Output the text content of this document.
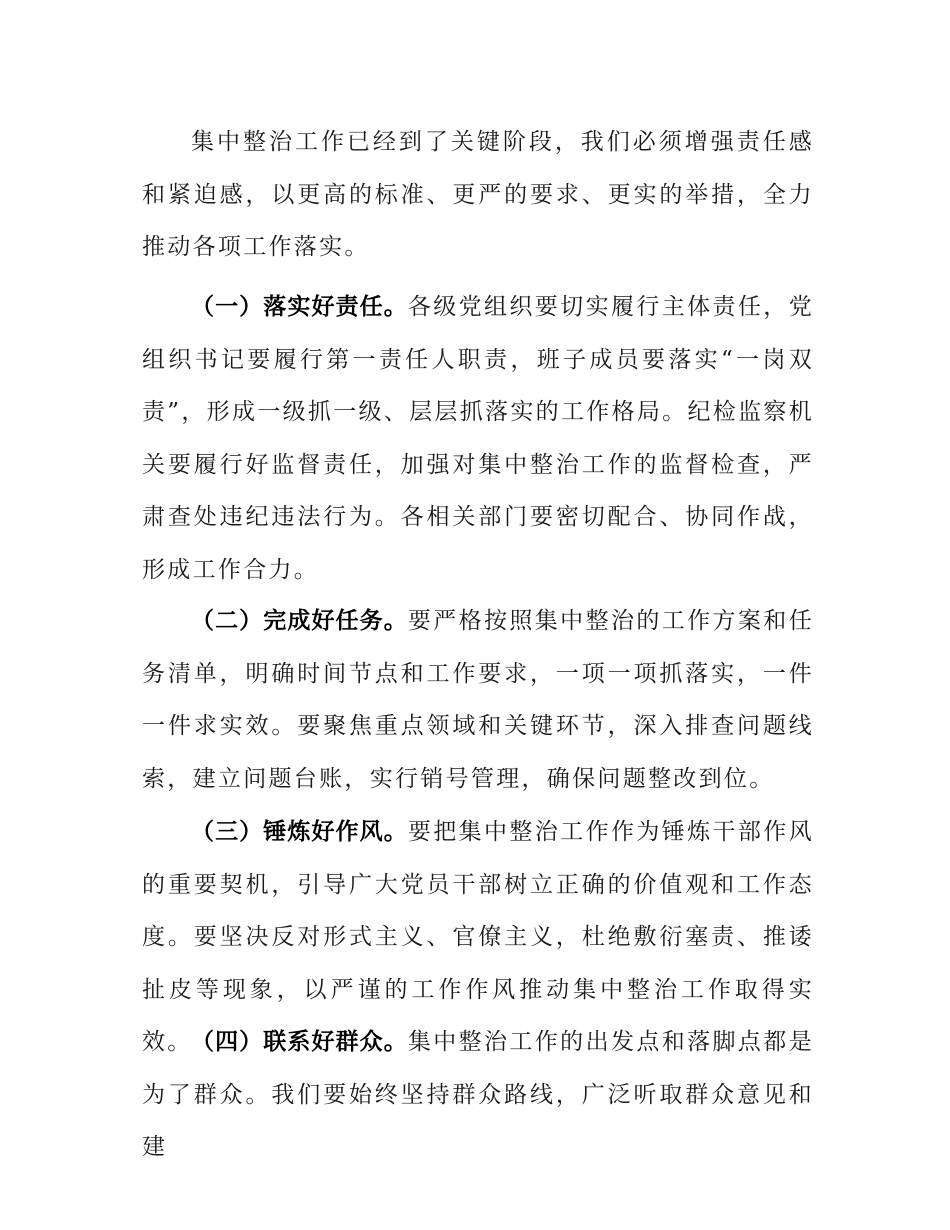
集中整治工作已经到了关键阶段，我们必须增强责任感和紧迫感，以更高的标准、更严的要求、更实的举措，全力推动各项工作落实。

（一）落实好责任。各级党组织要切实履行主体责任，党组织书记要履行第一责任人职责，班子成员要落实“一岗双责”，形成一级抓一级、层层抓落实的工作格局。纪检监察机关要履行好监督责任，加强对集中整治工作的监督检查，严肃查处违纪违法行为。各相关部门要密切配合、协同作战，形成工作合力。

（二）完成好任务。要严格按照集中整治的工作方案和任务清单，明确时间节点和工作要求，一项一项抓落实，一件一件求实效。要聚焦重点领域和关键环节，深入排查问题线索，建立问题台账，实行销号管理，确保问题整改到位。

（三）锤炼好作风。要把集中整治工作作为锤炼干部作风的重要契机，引导广大党员干部树立正确的价值观和工作态度。要坚决反对形式主义、官僚主义，杜绝敷衍塞责、推诿扯皮等现象，以严谨的工作作风推动集中整治工作取得实效。

（四）联系好群众。集中整治工作的出发点和落脚点都是为了群众。我们要始终坚持群众路线，广泛听取群众意见和建
